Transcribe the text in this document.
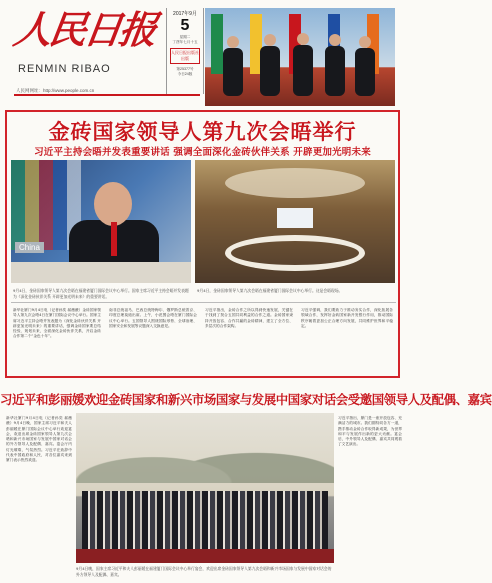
人民日报
RENMIN RIBAO
人民网网址：http://www.people.com.cn
2017年9月
5
星期二
丁酉年七月十五
人民日报出版社出版
第25377号
今日24版
金砖国家领导人第九次会晤举行
习近平主持会晤并发表重要讲话 强调全面深化金砖伙伴关系 开辟更加光明未来
China
9月4日，金砖国家领导人第九次会晤在福建省厦门国际会议中心举行。国家主席习近平主持会晤并发表题为《深化金砖伙伴关系 开辟更加光明未来》的重要讲话。
9月4日，金砖国家领导人第九次会晤在福建省厦门国际会议中心举行。这是会晤现场。
新华社厦门9月4日电（记者孙奕 郝薇薇）金砖国家领导人第九次会晤4日在厦门国际会议中心举行。国家主席习近平主持会晤并发表题为《深化金砖伙伴关系 开辟更加光明未来》的重要讲话，强调金砖国家要总结经验、规划未来，全面深化金砖伙伴关系，开启金砖合作第二个“金色十年”。
南非总统祖马、巴西总统特梅尔、俄罗斯总统普京、印度总理莫迪出席。上午，小范围会晤在厦门国际会议中心举行。五国领导人围绕国际形势、全球治理、国家安全和发展等议题深入交换意见。
习近平指出，金砖合作之所以得到快速发展，关键在于找到了契合五国共同利益的合作之道。金砖国家秉持开放包容、合作共赢的金砖精神，建立了全方位、多层次的合作架构。
习近平强调，我们要致力于推动务实合作，深化拓展各领域合作，发挥好金砖国家新开发银行作用，推动国际秩序朝着更加公正合理方向发展，共同维护世界和平稳定。
习近平和彭丽媛欢迎金砖国家和新兴市场国家与发展中国家对话会受邀国领导人及配偶、嘉宾
新华社厦门9月4日电（记者孙奕 郝薇薇）9月4日晚，国家主席习近平和夫人彭丽媛在厦门国际会议中心举行欢迎宴会，欢迎出席金砖国家领导人第九次会晤和新兴市场国家与发展中国家对话会的外方领导人及配偶、嘉宾。宴会厅内灯光璀璨，气氛热烈。习近平在致辞中代表中国政府和人民，对各位嘉宾来到厦门表示热烈欢迎。
习近平指出，厦门是一座开放包容、充满活力的城市。我们期待同各方一道，携手推动金砖合作取得新成果，为世界和平与发展作出新的更大贡献。宴会后，中外领导人及配偶、嘉宾共同观看了文艺演出。
9月4日晚，国家主席习近平和夫人彭丽媛在福建厦门国际会议中心举行宴会，欢迎出席金砖国家领导人第九次会晤和新兴市场国家与发展中国家对话会的外方领导人及配偶、嘉宾。
